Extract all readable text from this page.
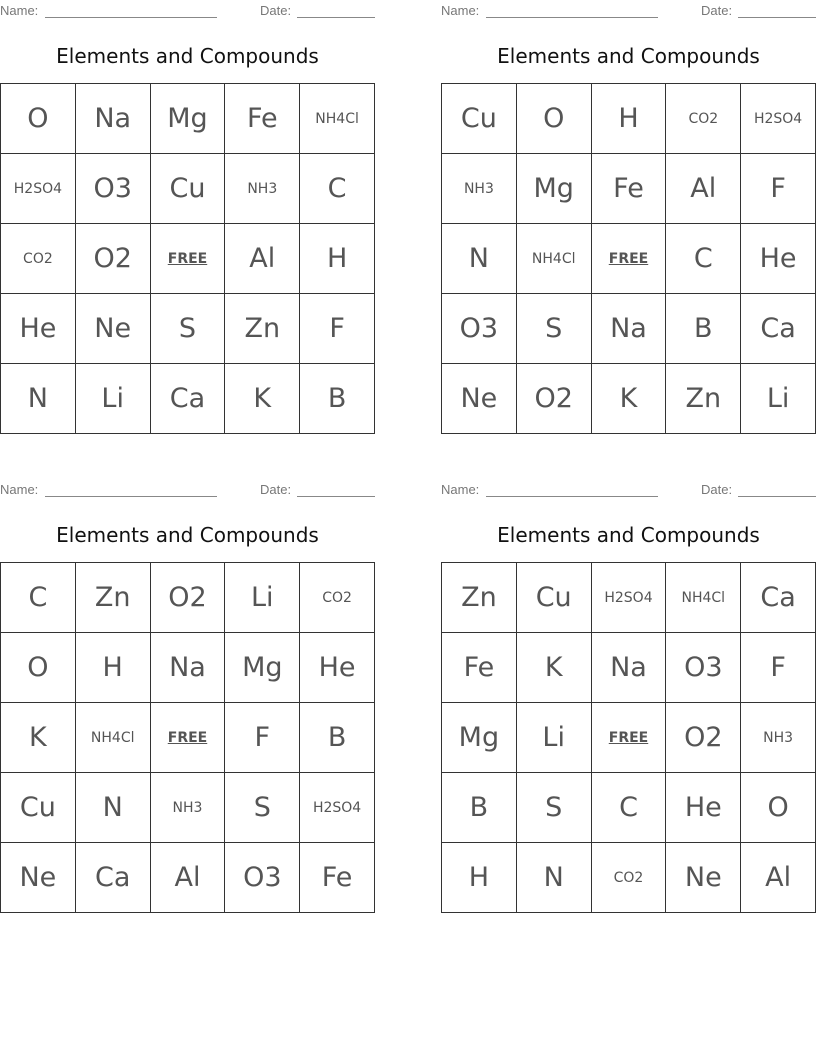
Name:	Date:
Elements and Compounds
O	Na	Mg	Fe	NH4Cl
H2SO4	O3	Cu	NH3	C
CO2	O2	FREE	Al	H
He	Ne	S	Zn	F
N	Li	Ca	K	B
Name:	Date:
Elements and Compounds
Cu	O	H	CO2	H2SO4
NH3	Mg	Fe	Al	F
N	NH4Cl	FREE	C	He
O3	S	Na	B	Ca
Ne	O2	K	Zn	Li
Name:	Date:
Elements and Compounds
C	Zn	O2	Li	CO2
O	H	Na	Mg	He
K	NH4Cl	FREE	F	B
Cu	N	NH3	S	H2SO4
Ne	Ca	Al	O3	Fe
Name:	Date:
Elements and Compounds
Zn	Cu	H2SO4	NH4Cl	Ca
Fe	K	Na	O3	F
Mg	Li	FREE	O2	NH3
B	S	C	He	O
H	N	CO2	Ne	Al
